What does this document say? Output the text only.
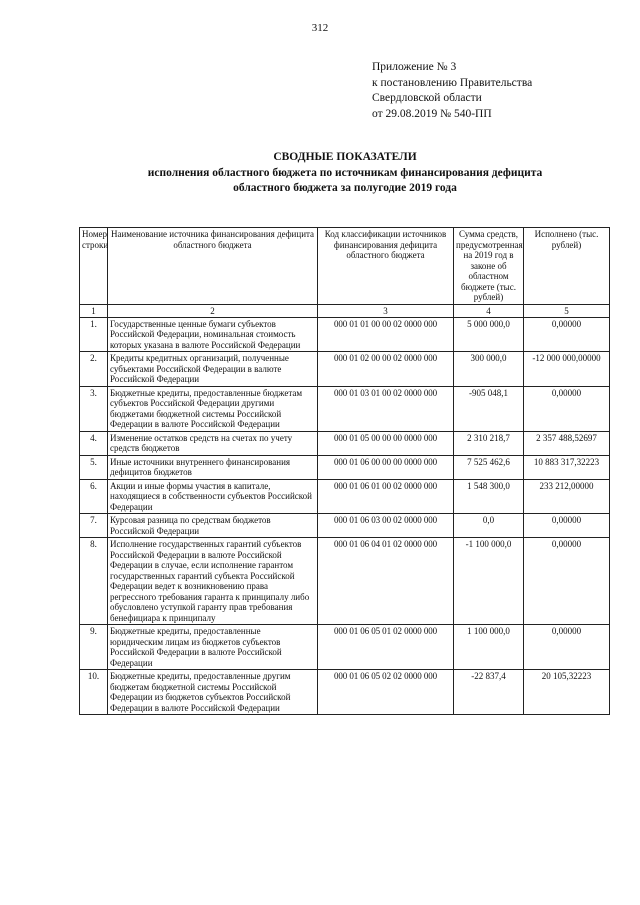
312
Приложение № 3
к постановлению Правительства
Свердловской области
от 29.08.2019 № 540-ПП
СВОДНЫЕ ПОКАЗАТЕЛИ
исполнения областного бюджета по источникам финансирования дефицита
областного бюджета за полугодие 2019 года
Номер строки	Наименование источника финансирования дефицита областного бюджета	Код классификации источников финансирования дефицита областного бюджета	Сумма средств, предусмотренная на 2019 год в законе об областном бюджете (тыс. рублей)	Исполнено (тыс. рублей)
1	2	3	4	5
1.	Государственные ценные бумаги субъектов Российской Федерации, номинальная стоимость которых указана в валюте Российской Федерации	000 01 01 00 00 02 0000 000	5 000 000,0	0,00000
2.	Кредиты кредитных организаций, полученные субъектами Российской Федерации в валюте Российской Федерации	000 01 02 00 00 02 0000 000	300 000,0	-12 000 000,00000
3.	Бюджетные кредиты, предоставленные бюджетам субъектов Российской Федерации другими бюджетами бюджетной системы Российской Федерации в валюте Российской Федерации	000 01 03 01 00 02 0000 000	-905 048,1	0,00000
4.	Изменение остатков средств на счетах по учету средств бюджетов	000 01 05 00 00 00 0000 000	2 310 218,7	2 357 488,52697
5.	Иные источники внутреннего финансирования дефицитов бюджетов	000 01 06 00 00 00 0000 000	7 525 462,6	10 883 317,32223
6.	Акции и иные формы участия в капитале, находящиеся в собственности субъектов Российской Федерации	000 01 06 01 00 02 0000 000	1 548 300,0	233 212,00000
7.	Курсовая разница по средствам бюджетов Российской Федерации	000 01 06 03 00 02 0000 000	0,0	0,00000
8.	Исполнение государственных гарантий субъектов Российской Федерации в валюте Российской Федерации в случае, если исполнение гарантом государственных гарантий субъекта Российской Федерации ведет к возникновению права регрессного требования гаранта к принципалу либо обусловлено уступкой гаранту прав требования бенефициара к принципалу	000 01 06 04 01 02 0000 000	-1 100 000,0	0,00000
9.	Бюджетные кредиты, предоставленные юридическим лицам из бюджетов субъектов Российской Федерации в валюте Российской Федерации	000 01 06 05 01 02 0000 000	1 100 000,0	0,00000
10.	Бюджетные кредиты, предоставленные другим бюджетам бюджетной системы Российской Федерации из бюджетов субъектов Российской Федерации в валюте Российской Федерации	000 01 06 05 02 02 0000 000	-22 837,4	20 105,32223
